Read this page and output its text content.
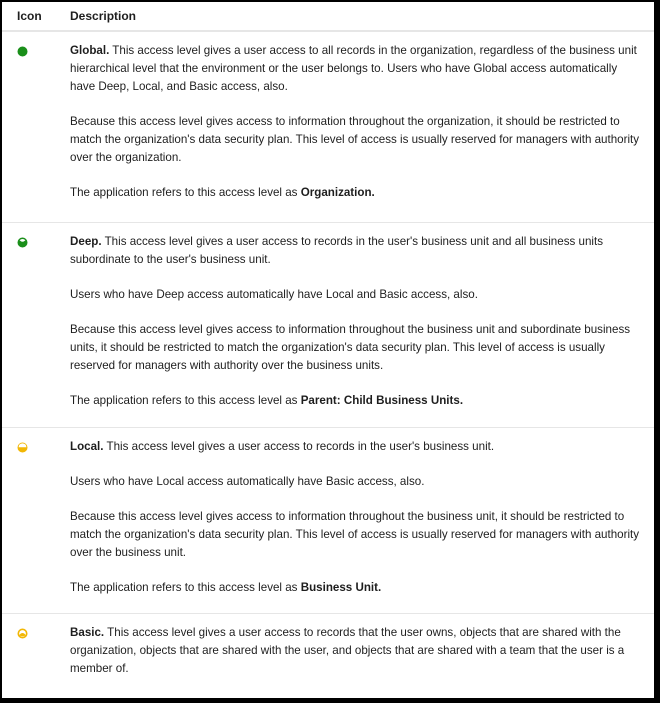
Icon	Description

Global. This access level gives a user access to all records in the organization, regardless of the business unit hierarchical level that the environment or the user belongs to. Users who have Global access automatically have Deep, Local, and Basic access, also.

Because this access level gives access to information throughout the organization, it should be restricted to match the organization's data security plan. This level of access is usually reserved for managers with authority over the organization.

The application refers to this access level as Organization.

Deep. This access level gives a user access to records in the user's business unit and all business units subordinate to the user's business unit.

Users who have Deep access automatically have Local and Basic access, also.

Because this access level gives access to information throughout the business unit and subordinate business units, it should be restricted to match the organization's data security plan. This level of access is usually reserved for managers with authority over the business units.

The application refers to this access level as Parent: Child Business Units.

Local. This access level gives a user access to records in the user's business unit.

Users who have Local access automatically have Basic access, also.

Because this access level gives access to information throughout the business unit, it should be restricted to match the organization's data security plan. This level of access is usually reserved for managers with authority over the business unit.

The application refers to this access level as Business Unit.

Basic. This access level gives a user access to records that the user owns, objects that are shared with the organization, objects that are shared with the user, and objects that are shared with a team that the user is a member of.
